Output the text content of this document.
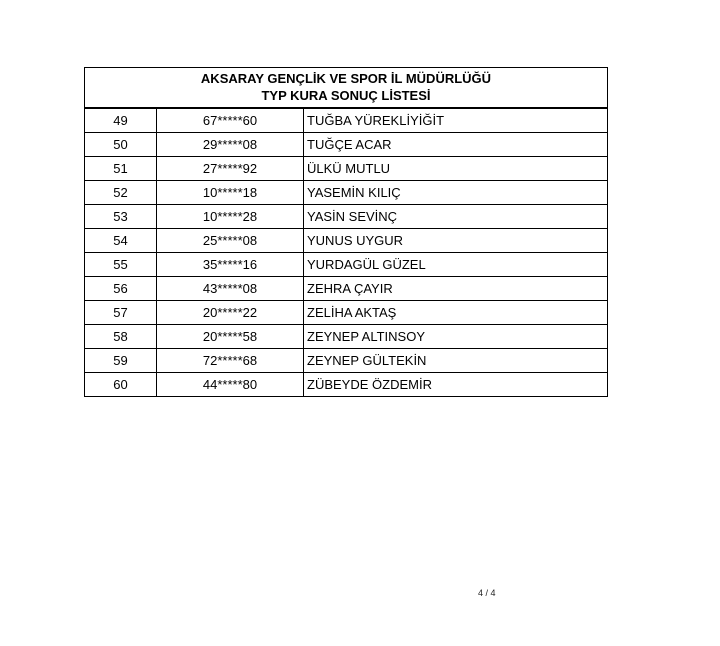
AKSARAY GENÇLİK VE SPOR İL MÜDÜRLÜĞÜ
TYP KURA SONUÇ LİSTESİ
49	67*****60	TUĞBA YÜREKLİYİĞİT
50	29*****08	TUĞÇE ACAR
51	27*****92	ÜLKÜ MUTLU
52	10*****18	YASEMİN KILIÇ
53	10*****28	YASİN SEVİNÇ
54	25*****08	YUNUS UYGUR
55	35*****16	YURDAGÜL GÜZEL
56	43*****08	ZEHRA ÇAYIR
57	20*****22	ZELİHA AKTAŞ
58	20*****58	ZEYNEP ALTINSOY
59	72*****68	ZEYNEP GÜLTEKİN
60	44*****80	ZÜBEYDE ÖZDEMİR
4 / 4
